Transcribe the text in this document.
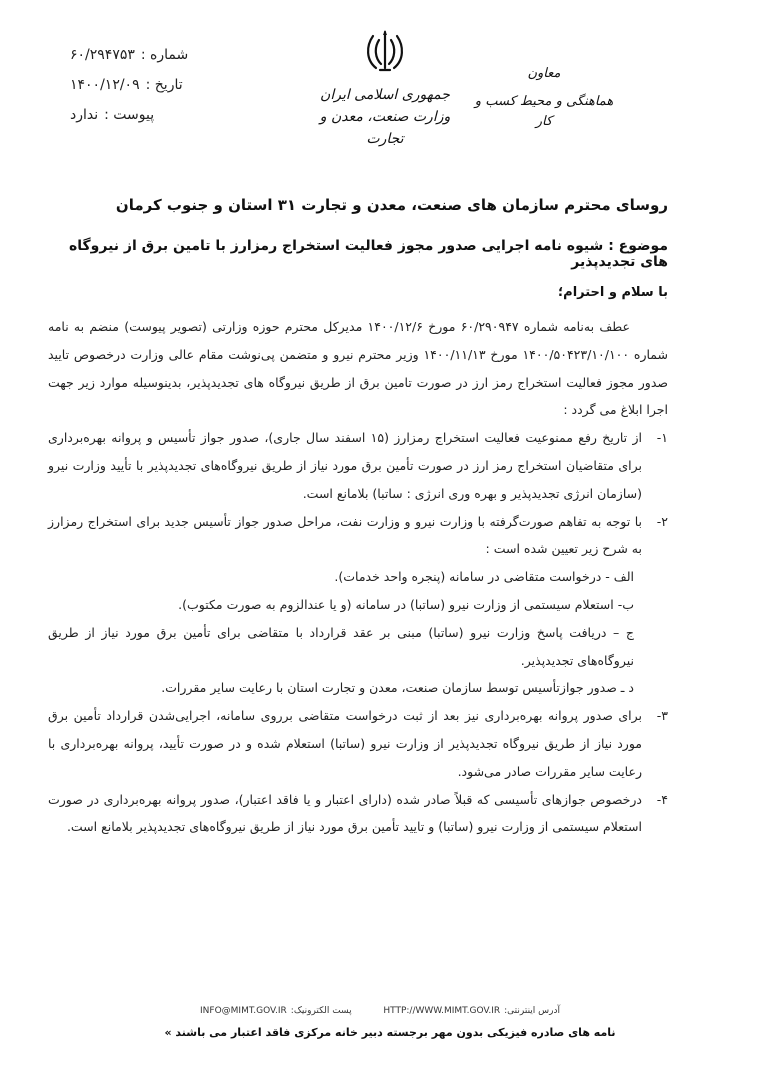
شماره :
۶۰/۲۹۴۷۵۳
تاریخ :
۱۴۰۰/۱۲/۰۹
پیوست :
ندارد
جمهوری اسلامی ایران
وزارت صنعت، معدن و تجارت
معاون
هماهنگی و محیط کسب و کار
روسای محترم سازمان های صنعت، معدن و تجارت ۳۱ استان و جنوب کرمان
موضوع : شیوه نامه اجرایی صدور مجوز فعالیت استخراج رمزارز با تامین برق از نیروگاه های تجدیدپذیر
با سلام و احترام؛

عطف به‌نامه شماره ۶۰/۲۹۰۹۴۷ مورخ ۱۴۰۰/۱۲/۶ مدیرکل محترم حوزه وزارتی (تصویر پیوست) منضم به نامه شماره ۱۴۰۰/۵۰۴۲۳/۱۰/۱۰۰ مورخ ۱۴۰۰/۱۱/۱۳ وزیر محترم نیرو و متضمن پی‌نوشت مقام عالی وزارت درخصوص تایید صدور مجوز فعالیت استخراج رمز ارز در صورت تامین برق از طریق نیروگاه های تجدیدپذیر، بدینوسیله موارد زیر جهت اجرا ابلاغ می گردد :

۱-
از تاریخ رفع ممنوعیت فعالیت استخراج رمزارز (۱۵ اسفند سال جاری)، صدور جواز تأسیس و پروانه بهره‌برداری برای متقاضیان استخراج رمز ارز در صورت تأمین برق مورد نیاز از طریق نیروگاه‌های تجدیدپذیر با تأیید وزارت نیرو (سازمان انرژی تجدیدپذیر و بهره وری انرژی : ساتبا) بلامانع است.
۲-
با توجه به تفاهم صورت‌گرفته با وزارت نیرو و وزارت نفت، مراحل صدور جواز تأسیس جدید برای استخراج رمزارز به شرح زیر تعیین شده است :

الف - درخواست متقاضی در سامانه (پنجره واحد خدمات).

ب- استعلام سیستمی از وزارت نیرو (ساتبا) در سامانه (و یا عندالزوم به صورت مکتوب).

ج – دریافت پاسخ وزارت نیرو (ساتبا) مبنی بر عقد قرارداد با متقاضی برای تأمین برق مورد نیاز از طریق نیروگاه‌های تجدیدپذیر.

د ـ صدور جوازتأسیس توسط سازمان صنعت، معدن و تجارت استان با رعایت سایر مقررات.

۳-
برای صدور پروانه بهره‌برداری نیز بعد از ثبت درخواست متقاضی برروی سامانه، اجرایی‌شدن قرارداد تأمین برق مورد نیاز از طریق نیروگاه تجدیدپذیر از وزارت نیرو (ساتبا) استعلام شده و در صورت تأیید، پروانه بهره‌برداری با رعایت سایر مقررات صادر می‌شود.
۴-
درخصوص جوازهای تأسیسی که قبلاً صادر شده (دارای اعتبار و یا فاقد اعتبار)، صدور پروانه بهره‌برداری در صورت استعلام سیستمی از وزارت نیرو (ساتبا) و تایید تأمین برق مورد نیاز از طریق نیروگاه‌های تجدیدپذیر بلامانع است.
INFO@MIMT.GOV.IR پست الکترونیک:	HTTP://WWW.MIMT.GOV.IR آدرس اینترنتی:
نامه های صادره فیزیکی بدون مهر برجسته دبیر خانه مرکزی فاقد اعتبار می باشند »
